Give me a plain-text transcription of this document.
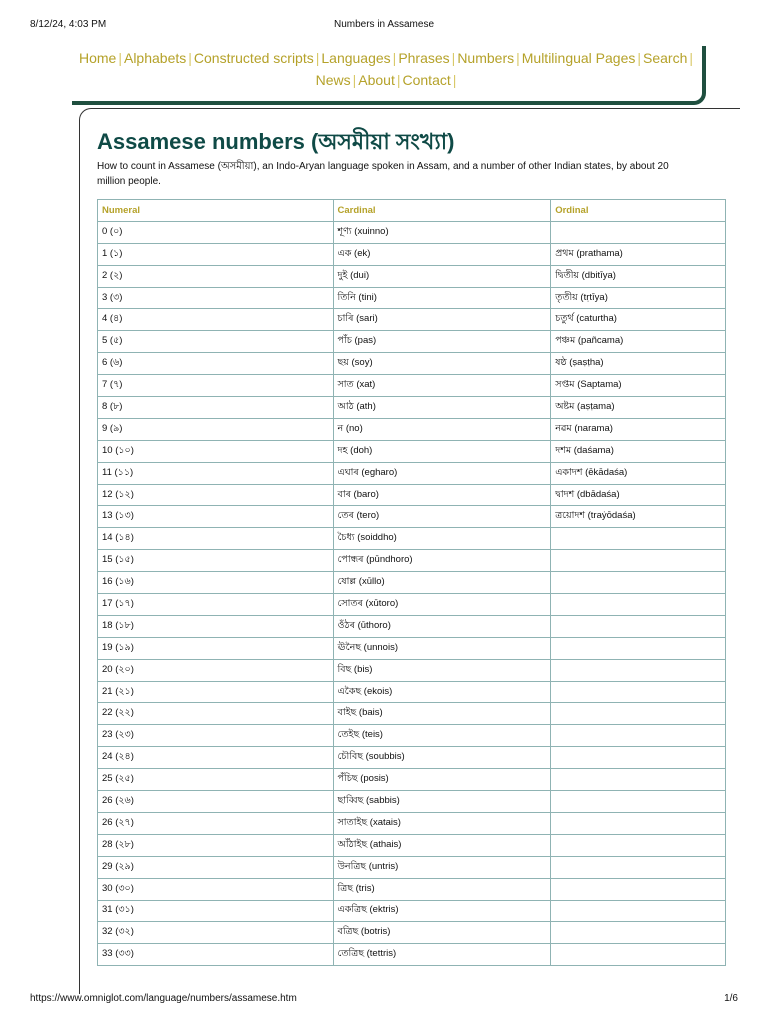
8/12/24, 4:03 PM	Numbers in Assamese
Home | Alphabets | Constructed scripts | Languages | Phrases | Numbers | Multilingual Pages | Search |
News | About | Contact |
Assamese numbers (অসমীয়া সংখ্যা)

How to count in Assamese (অসমীয়া), an Indo-Aryan language spoken in Assam, and a number of other Indian states, by about 20 million people.

Numeral	Cardinal	Ordinal
0 (০)	শূণ্য (xuinno)	
1 (১)	এক (ek)	প্ৰথম (prathama)
2 (২)	দুই (dui)	দ্বিতীয় (dbitīya)
3 (৩)	তিনি (tini)	তৃতীয় (tṛtīya)
4 (৪)	চাৰি (sari)	চতুৰ্থ (caturtha)
5 (৫)	পাঁচ (pas)	পঞ্চম (pañcama)
6 (৬)	ছয় (soy)	ষষ্ঠ (ṣaṣṭha)
7 (৭)	সাত (xat)	সপ্তম (Saptama)
8 (৮)	আঠ (ath)	অষ্টম (aṣṭama)
9 (৯)	ন (no)	নৱম (narama)
10 (১০)	দহ (doh)	দশম (daśama)
11 (১১)	এঘাৰ (egharo)	একাদশ (ēkādaśa)
12 (১২)	বাৰ (baro)	দ্বাদশ (dbādaśa)
13 (১৩)	তেৰ (tero)	ত্ৰয়োদশ (traẏōdaśa)
14 (১৪)	চৈধ্য (soiddho)	
15 (১৫)	পোন্ধৰ (pūndhoro)	
16 (১৬)	ষোল্ল (xūllo)	
17 (১৭)	সোতৰ (xūtoro)	
18 (১৮)	ওঁঠৰ (ūthoro)	
19 (১৯)	ঊনৈছ (unnois)	
20 (২০)	বিছ (bis)	
21 (২১)	একৈছ (ekois)	
22 (২২)	বাইছ (bais)	
23 (২৩)	তেইছ (teis)	
24 (২৪)	চৌবিছ (soubbis)	
25 (২৫)	পঁচিছ (posis)	
26 (২৬)	ছাব্বিছ (sabbis)	
26 (২৭)	সাতাইছ (xatais)	
28 (২৮)	আঁঠাইছ (athais)	
29 (২৯)	উনত্ৰিছ (untris)	
30 (৩০)	ত্ৰিছ (tris)	
31 (৩১)	একত্ৰিছ (ektris)	
32 (৩২)	বত্ৰিছ (botris)	
33 (৩৩)	তেত্ৰিছ (tettris)	
https://www.omniglot.com/language/numbers/assamese.htm	1/6
